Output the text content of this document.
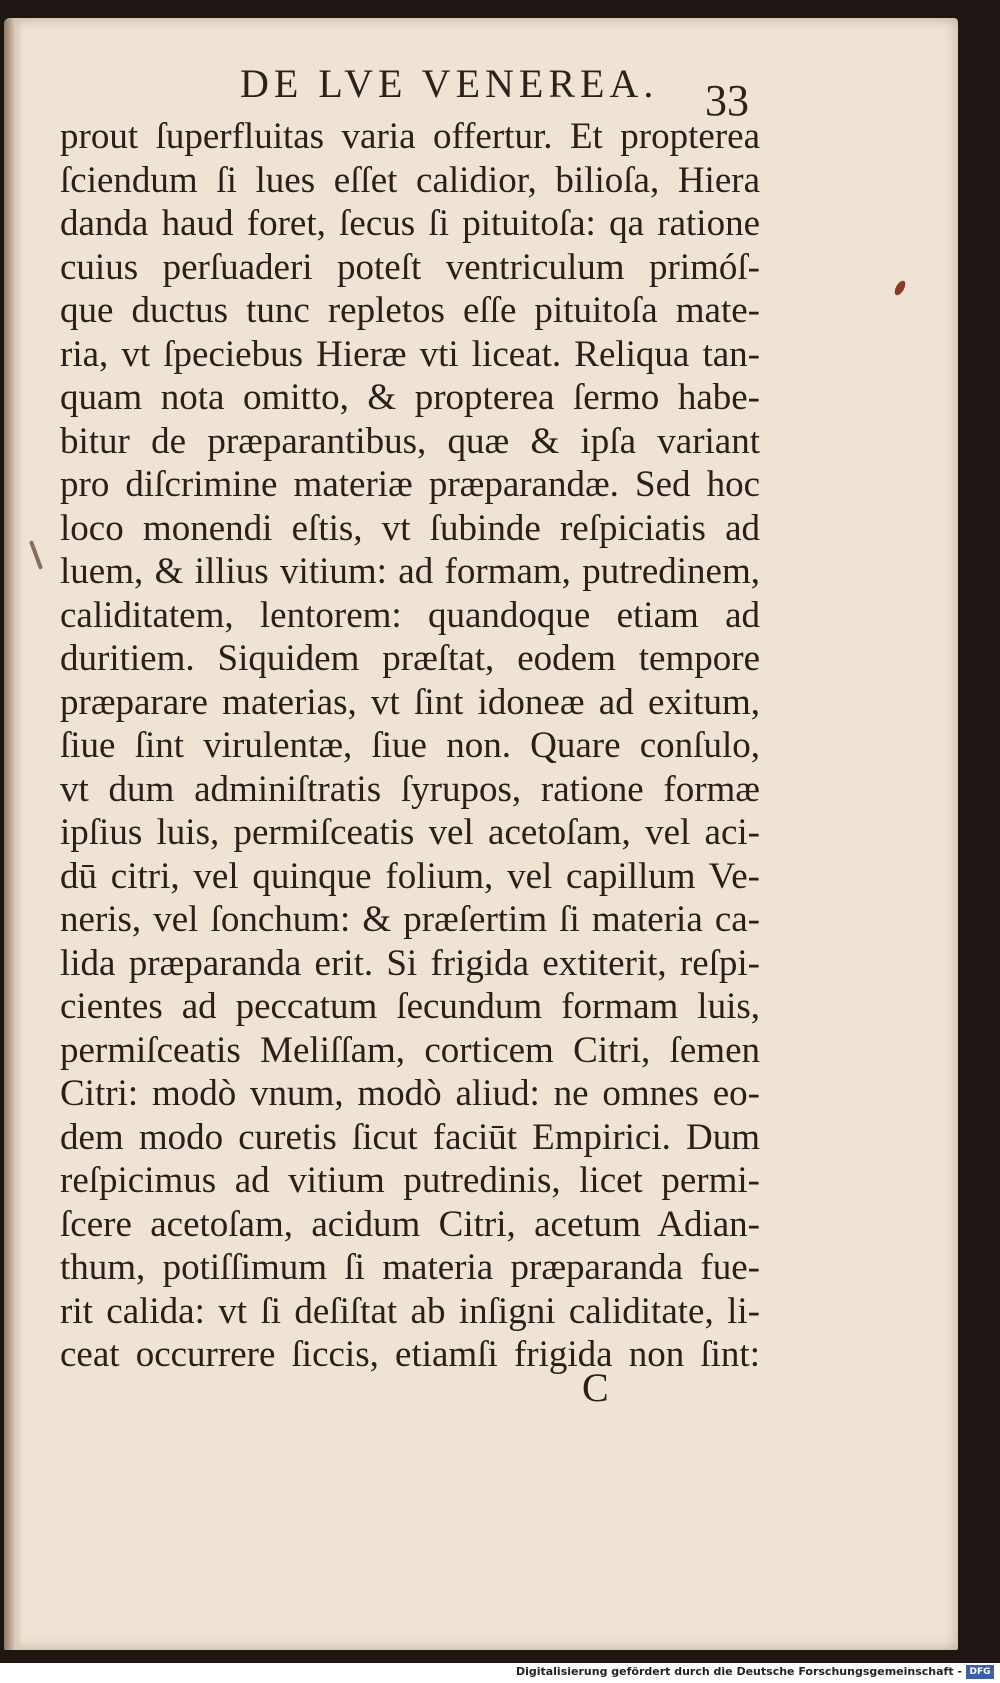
DE LVE VENEREA. 33
prout ſuperfluitas varia offertur. Et propterea
ſciendum ſi lues eſſet calidior, bilioſa, Hiera
danda haud foret, ſecus ſi pituitoſa: qa ratione
cuius perſuaderi poteſt ventriculum primóſ-
que ductus tunc repletos eſſe pituitoſa mate-
ria, vt ſpeciebus Hieræ vti liceat. Reliqua tan-
quam nota omitto, & propterea ſermo habe-
bitur de præparantibus, quæ & ipſa variant
pro diſcrimine materiæ præparandæ. Sed hoc
loco monendi eſtis, vt ſubinde reſpiciatis ad
luem, & illius vitium: ad formam, putredinem,
caliditatem, lentorem: quandoque etiam ad
duritiem. Siquidem præſtat, eodem tempore
præparare materias, vt ſint idoneæ ad exitum,
ſiue ſint virulentæ, ſiue non. Quare conſulo,
vt dum adminiſtratis ſyrupos, ratione formæ
ipſius luis, permiſceatis vel acetoſam, vel aci-
dū citri, vel quinque folium, vel capillum Ve-
neris, vel ſonchum: & præſertim ſi materia ca-
lida præparanda erit. Si frigida extiterit, reſpi-
cientes ad peccatum ſecundum formam luis,
permiſceatis Meliſſam, corticem Citri, ſemen
Citri: modò vnum, modò aliud: ne omnes eo-
dem modo curetis ſicut faciūt Empirici. Dum
reſpicimus ad vitium putredinis, licet permi-
ſcere acetoſam, acidum Citri, acetum Adian-
thum, potiſſimum ſi materia præparanda fue-
rit calida: vt ſi deſiſtat ab inſigni caliditate, li-
ceat occurrere ſiccis, etiamſi frigida non ſint:
C
Digitalisierung gefördert durch die Deutsche Forschungsgemeinschaft - DFG
